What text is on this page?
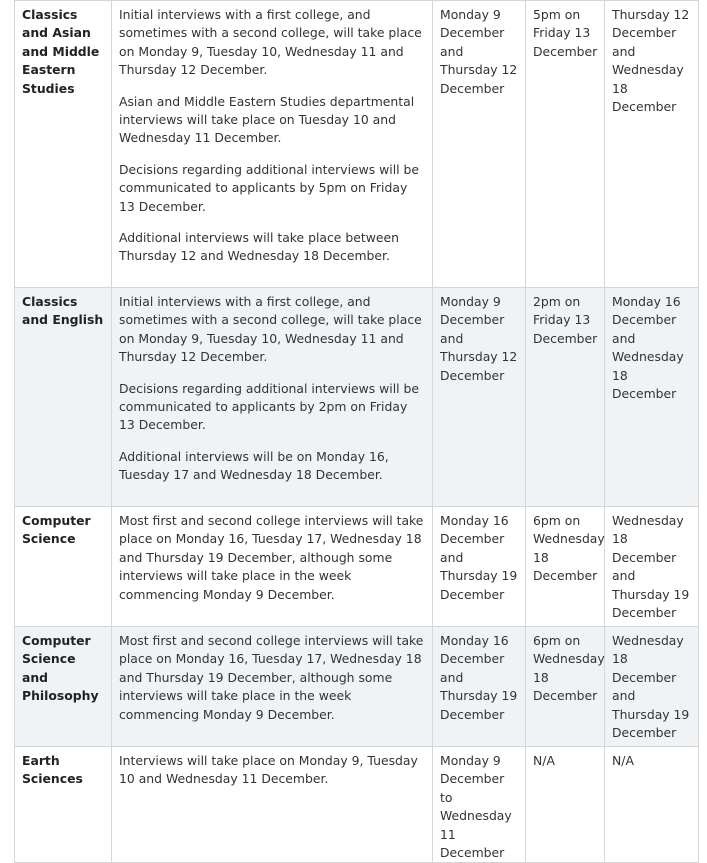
Classics and Asian and Middle Eastern Studies	Initial interviews with a first college, and sometimes with a second college, will take place on Monday 9, Tuesday 10, Wednesday 11 and Thursday 12 December.

Asian and Middle Eastern Studies departmental interviews will take place on Tuesday 10 and Wednesday 11 December.

Decisions regarding additional interviews will be communicated to applicants by 5pm on Friday 13 December.

Additional interviews will take place between Thursday 12 and Wednesday 18 December.	Monday 9 December and Thursday 12 December	5pm on Friday 13 December	Thursday 12 December and Wednesday 18 December
Classics and English	Initial interviews with a first college, and sometimes with a second college, will take place on Monday 9, Tuesday 10, Wednesday 11 and Thursday 12 December.

Decisions regarding additional interviews will be communicated to applicants by 2pm on Friday 13 December.

Additional interviews will be on Monday 16, Tuesday 17 and Wednesday 18 December.	Monday 9 December and Thursday 12 December	2pm on Friday 13 December	Monday 16 December and Wednesday 18 December
Computer Science	Most first and second college interviews will take place on Monday 16, Tuesday 17, Wednesday 18 and Thursday 19 December, although some interviews will take place in the week commencing Monday 9 December.	Monday 16 December and Thursday 19 December	6pm on Wednesday 18 December	Wednesday 18 December and Thursday 19 December
Computer Science and Philosophy	Most first and second college interviews will take place on Monday 16, Tuesday 17, Wednesday 18 and Thursday 19 December, although some interviews will take place in the week commencing Monday 9 December.	Monday 16 December and Thursday 19 December	6pm on Wednesday 18 December	Wednesday 18 December and Thursday 19 December
Earth Sciences	Interviews will take place on Monday 9, Tuesday 10 and Wednesday 11 December.	Monday 9 December to Wednesday 11 December	N/A	N/A
